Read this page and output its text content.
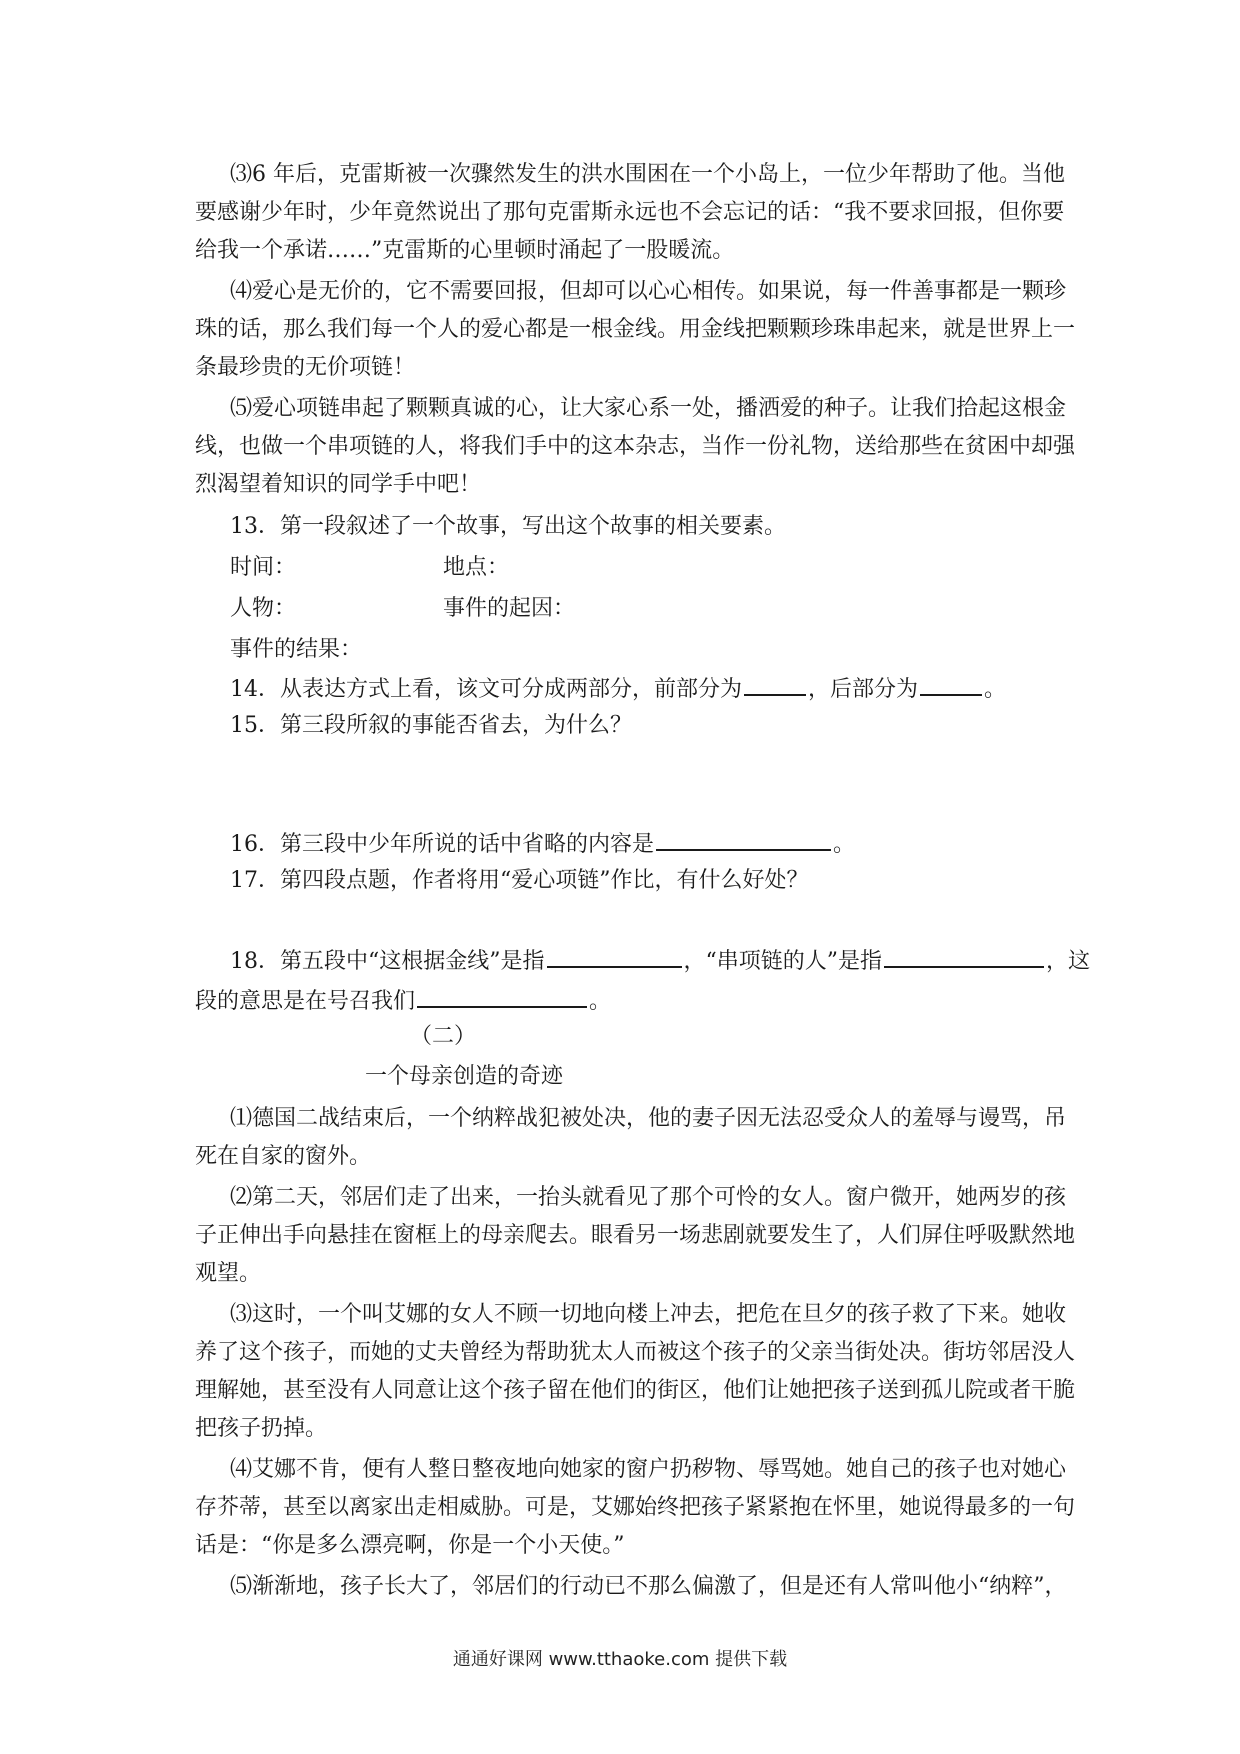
⑶6 年后，克雷斯被一次骤然发生的洪水围困在一个小岛上，一位少年帮助了他。当他
要感谢少年时，少年竟然说出了那句克雷斯永远也不会忘记的话：“我不要求回报，但你要
给我一个承诺……”克雷斯的心里顿时涌起了一股暖流。
⑷爱心是无价的，它不需要回报，但却可以心心相传。如果说，每一件善事都是一颗珍
珠的话，那么我们每一个人的爱心都是一根金线。用金线把颗颗珍珠串起来，就是世界上一
条最珍贵的无价项链！
⑸爱心项链串起了颗颗真诚的心，让大家心系一处，播洒爱的种子。让我们拾起这根金
线，也做一个串项链的人，将我们手中的这本杂志，当作一份礼物，送给那些在贫困中却强
烈渴望着知识的同学手中吧！
13．第一段叙述了一个故事，写出这个故事的相关要素。
时间：	地点：
人物：	事件的起因：
事件的结果：
14．从表达方式上看，该文可分成两部分，前部分为	，后部分为	。
15．第三段所叙的事能否省去，为什么？
16．第三段中少年所说的话中省略的内容是	。
17．第四段点题，作者将用“爱心项链”作比，有什么好处？
18．第五段中“这根据金线”是指	，“串项链的人”是指	，这
段的意思是在号召我们	。
（二）
一个母亲创造的奇迹
⑴德国二战结束后，一个纳粹战犯被处决，他的妻子因无法忍受众人的羞辱与谩骂，吊
死在自家的窗外。
⑵第二天，邻居们走了出来，一抬头就看见了那个可怜的女人。窗户微开，她两岁的孩
子正伸出手向悬挂在窗框上的母亲爬去。眼看另一场悲剧就要发生了，人们屏住呼吸默然地
观望。
⑶这时，一个叫艾娜的女人不顾一切地向楼上冲去，把危在旦夕的孩子救了下来。她收
养了这个孩子，而她的丈夫曾经为帮助犹太人而被这个孩子的父亲当街处决。街坊邻居没人
理解她，甚至没有人同意让这个孩子留在他们的街区，他们让她把孩子送到孤儿院或者干脆
把孩子扔掉。
⑷艾娜不肯，便有人整日整夜地向她家的窗户扔秽物、辱骂她。她自己的孩子也对她心
存芥蒂，甚至以离家出走相威胁。可是，艾娜始终把孩子紧紧抱在怀里，她说得最多的一句
话是：“你是多么漂亮啊，你是一个小天使。”
⑸渐渐地，孩子长大了，邻居们的行动已不那么偏激了，但是还有人常叫他小“纳粹”，
通通好课网 www.tthaoke.com 提供下载
